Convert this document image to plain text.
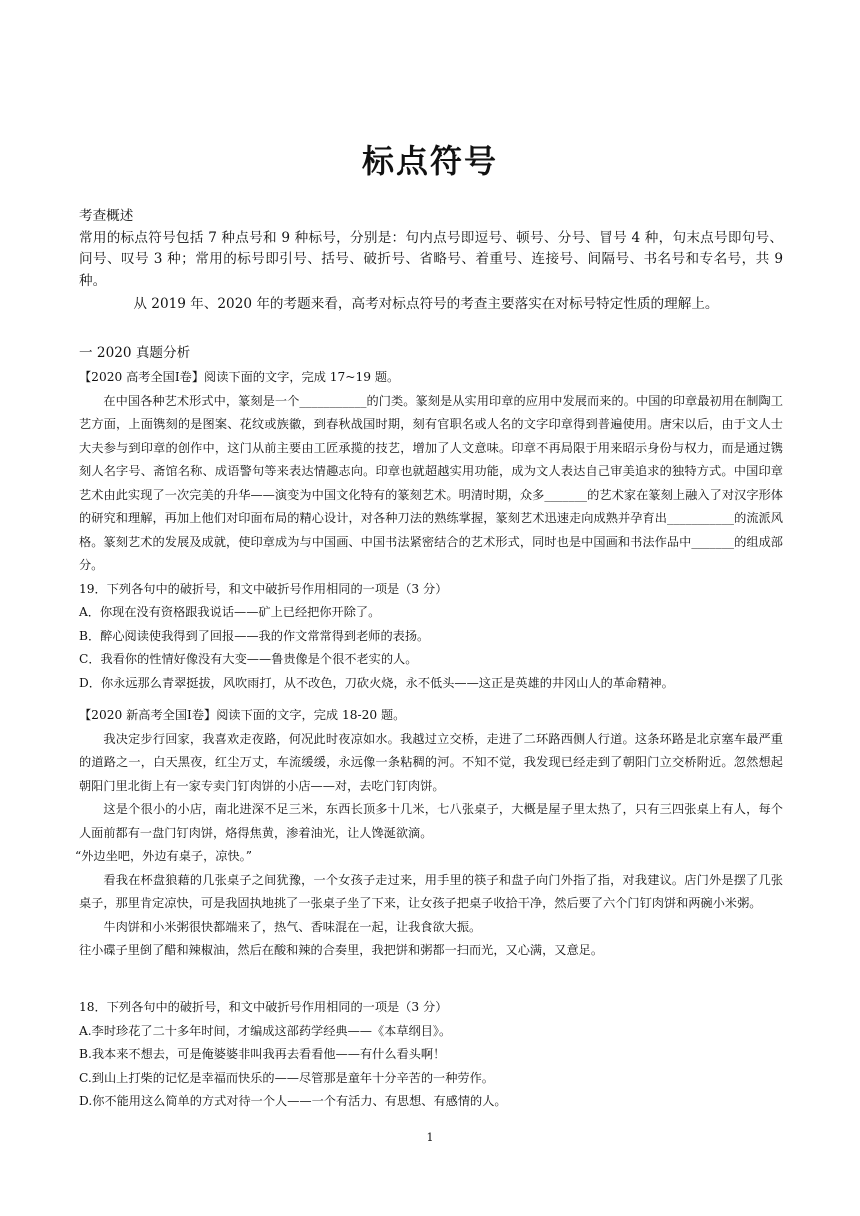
标点符号
考查概述
常用的标点符号包括 7 种点号和 9 种标号，分别是：句内点号即逗号、顿号、分号、冒号 4 种，句末点号即句号、问号、叹号 3 种；常用的标号即引号、括号、破折号、省略号、着重号、连接号、间隔号、书名号和专名号，共 9 种。
从 2019 年、2020 年的考题来看，高考对标点符号的考查主要落实在对标号特定性质的理解上。
一 2020 真题分析
【2020 高考全国Ⅰ卷】阅读下面的文字，完成 17~19 题。
在中国各种艺术形式中，篆刻是一个___________的门类。篆刻是从实用印章的应用中发展而来的。中国的印章最初用在制陶工艺方面，上面镌刻的是图案、花纹或族徽，到春秋战国时期，刻有官职名或人名的文字印章得到普遍使用。唐宋以后，由于文人士大夫参与到印章的创作中，这门从前主要由工匠承揽的技艺，增加了人文意味。印章不再局限于用来昭示身份与权力，而是通过镌刻人名字号、斋馆名称、成语警句等来表达情趣志向。印章也就超越实用功能，成为文人表达自己审美追求的独特方式。中国印章艺术由此实现了一次完美的升华——演变为中国文化特有的篆刻艺术。明清时期，众多_______的艺术家在篆刻上融入了对汉字形体的研究和理解，再加上他们对印面布局的精心设计，对各种刀法的熟练掌握，篆刻艺术迅速走向成熟并孕育出___________的流派风格。篆刻艺术的发展及成就，使印章成为与中国画、中国书法紧密结合的艺术形式，同时也是中国画和书法作品中_______的组成部分。
19．下列各句中的破折号，和文中破折号作用相同的一项是（3 分）
A．你现在没有资格跟我说话——矿上已经把你开除了。
B．醉心阅读使我得到了回报——我的作文常常得到老师的表扬。
C．我看你的性情好像没有大变——鲁贵像是个很不老实的人。
D．你永远那么青翠挺拔，风吹雨打，从不改色，刀砍火烧，永不低头——这正是英雄的井冈山人的革命精神。
【2020 新高考全国Ⅰ卷】阅读下面的文字，完成 18-20 题。
我决定步行回家，我喜欢走夜路，何况此时夜凉如水。我越过立交桥，走进了二环路西侧人行道。这条环路是北京塞车最严重的道路之一，白天黑夜，红尘万丈，车流缓缓，永远像一条粘稠的河。不知不觉，我发现已经走到了朝阳门立交桥附近。忽然想起朝阳门里北街上有一家专卖门钉肉饼的小店——对，去吃门钉肉饼。
这是个很小的小店，南北进深不足三米，东西长顶多十几米，七八张桌子，大概是屋子里太热了，只有三四张桌上有人，每个人面前都有一盘门钉肉饼，烙得焦黄，渗着油光，让人馋涎欲滴。
“外边坐吧，外边有桌子，凉快。”
看我在杯盘狼藉的几张桌子之间犹豫，一个女孩子走过来，用手里的筷子和盘子向门外指了指，对我建议。店门外是摆了几张桌子，那里肯定凉快，可是我固执地挑了一张桌子坐了下来，让女孩子把桌子收拾干净，然后要了六个门钉肉饼和两碗小米粥。
牛肉饼和小米粥很快都端来了，热气、香味混在一起，让我食欲大振。
往小碟子里倒了醋和辣椒油，然后在酸和辣的合奏里，我把饼和粥都一扫而光，又心满，又意足。
18．下列各句中的破折号，和文中破折号作用相同的一项是（3 分）
A.李时珍花了二十多年时间，才编成这部药学经典——《本草纲目》。
B.我本来不想去，可是俺婆婆非叫我再去看看他——有什么看头啊！
C.到山上打柴的记忆是幸福而快乐的——尽管那是童年十分辛苦的一种劳作。
D.你不能用这么简单的方式对待一个人——一个有活力、有思想、有感情的人。
1
